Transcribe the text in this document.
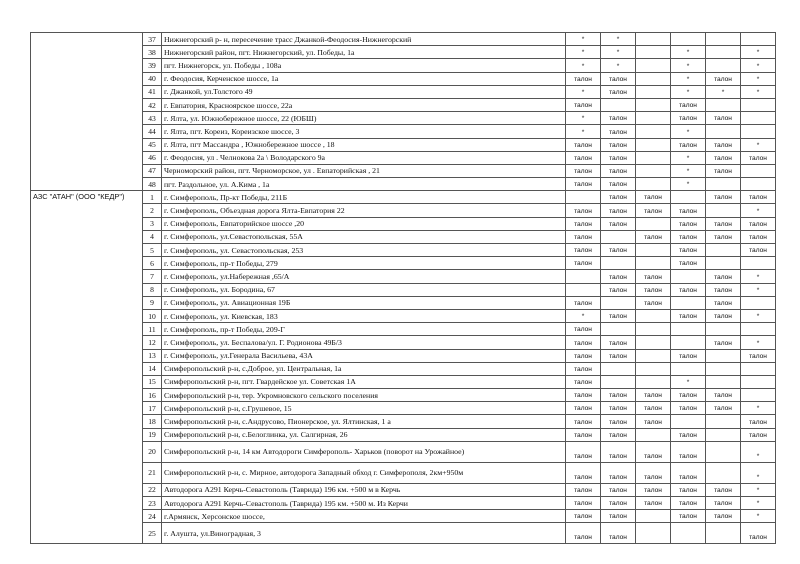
	37	Нижнегорский р- н, пересечение трасс Джанкой-Феодосия-Нижнегорский	*	*				
	38	Нижнегорский район, пгт. Нижнегорский, ул. Победы, 1а	*	*		*		*
	39	пгт. Нижнегорск, ул. Победы , 108а	*	*		*		*
	40	г. Феодосия, Керченское шоссе, 1а	талон	талон		*	талон	*
	41	г. Джанкой, ул.Толстого 49	*	талон		*	*	*
	42	г. Евпатория, Красноярское шоссе, 22а	талон			талон		
	43	г. Ялта, ул. Южнобережное шоссе, 22 (ЮБШ)	*	талон		талон	талон	
	44	г. Ялта, пгт. Кореиз, Кореизское шоссе, 3	*	талон		*		
	45	г. Ялта, пгт Массандра , Южнобережное шоссе , 18	талон	талон		талон	талон	*
	46	г. Феодосия, ул . Челнокова 2а \ Володарского 9а	талон	талон		*	талон	талон
	47	Черноморский район, пгт. Черноморское, ул . Евпаторийская , 21	талон	талон		*	талон	
	48	пгт. Раздольное, ул. А.Кима , 1а	талон	талон		*		
АЗС "АТАН" (ООО "КЕДР")	1	г. Симферополь, Пр-кт Победы, 211Б		талон	талон		талон	талон
	2	г. Симферополь, Объездная дорога Ялта-Евпатория 22	талон	талон	талон	талон		*
	3	г. Симферополь, Евпаторийское шоссе ,20	талон	талон		талон	талон	талон
	4	г. Симферополь, ул.Севастопольская, 55А	талон		талон	талон	талон	талон
	5	г. Симферополь, ул. Севастопольская, 253	талон	талон		талон		талон
	6	г. Симферополь, пр-т Победы, 279	талон			талон		
	7	г. Симферополь, ул.Набережная ,65/А		талон	талон		талон	*
	8	г. Симферополь, ул. Бородина, 67		талон	талон	талон	талон	*
	9	г. Симферополь, ул. Авиационная 19Б	талон		талон		талон	
	10	г. Симферополь, ул. Киевская, 183	*	талон		талон	талон	*
	11	г. Симферополь, пр-т Победы, 209-Г	талон					
	12	г. Симферополь, ул. Беспалова/ул. Г. Родионова 49Б/3	талон	талон			талон	*
	13	г. Симферополь, ул.Генерала Васильева, 43А	талон	талон		талон		талон
	14	Симферопольский р-н, с.Доброе, ул. Центральная, 1а	талон					
	15	Симферопольский р-н, пгт. Гвардейское ул. Советская 1А	талон			*		
	16	Симферопольский р-н, тер. Укромновского сельского поселения	талон	талон	талон	талон	талон	
	17	Симферопольский р-н, с.Грушевое, 15	талон	талон	талон	талон	талон	*
	18	Симферопольский р-н, с.Андрусово, Пионерское, ул. Ялтинская, 1 а	талон	талон	талон			талон
	19	Симферопольский р-н, с.Белоглинка, ул. Салгирная, 26	талон	талон		талон		талон
	20	Симферопольский р-н, 14 км Автодороги Симферополь- Харьков (поворот на Урожайное)	талон	талон	талон	талон		*
	21	Симферопольский р-н, с. Мирное, автодорога Западный обход г. Симферополя, 2км+950м	талон	талон	талон	талон		*
	22	Автодорога А291 Керчь-Севастополь (Таврида) 196 км. +500 м в Керчь	талон	талон	талон	талон	талон	*
	23	Автодорога А291 Керчь-Севастополь (Таврида) 195 км. +500 м. Из Керчи	талон	талон	талон	талон	талон	*
	24	г.Армянск, Херсонское шоссе,	талон	талон		талон	талон	*
	25	г. Алушта, ул.Виноградная, 3	талон	талон				талон
